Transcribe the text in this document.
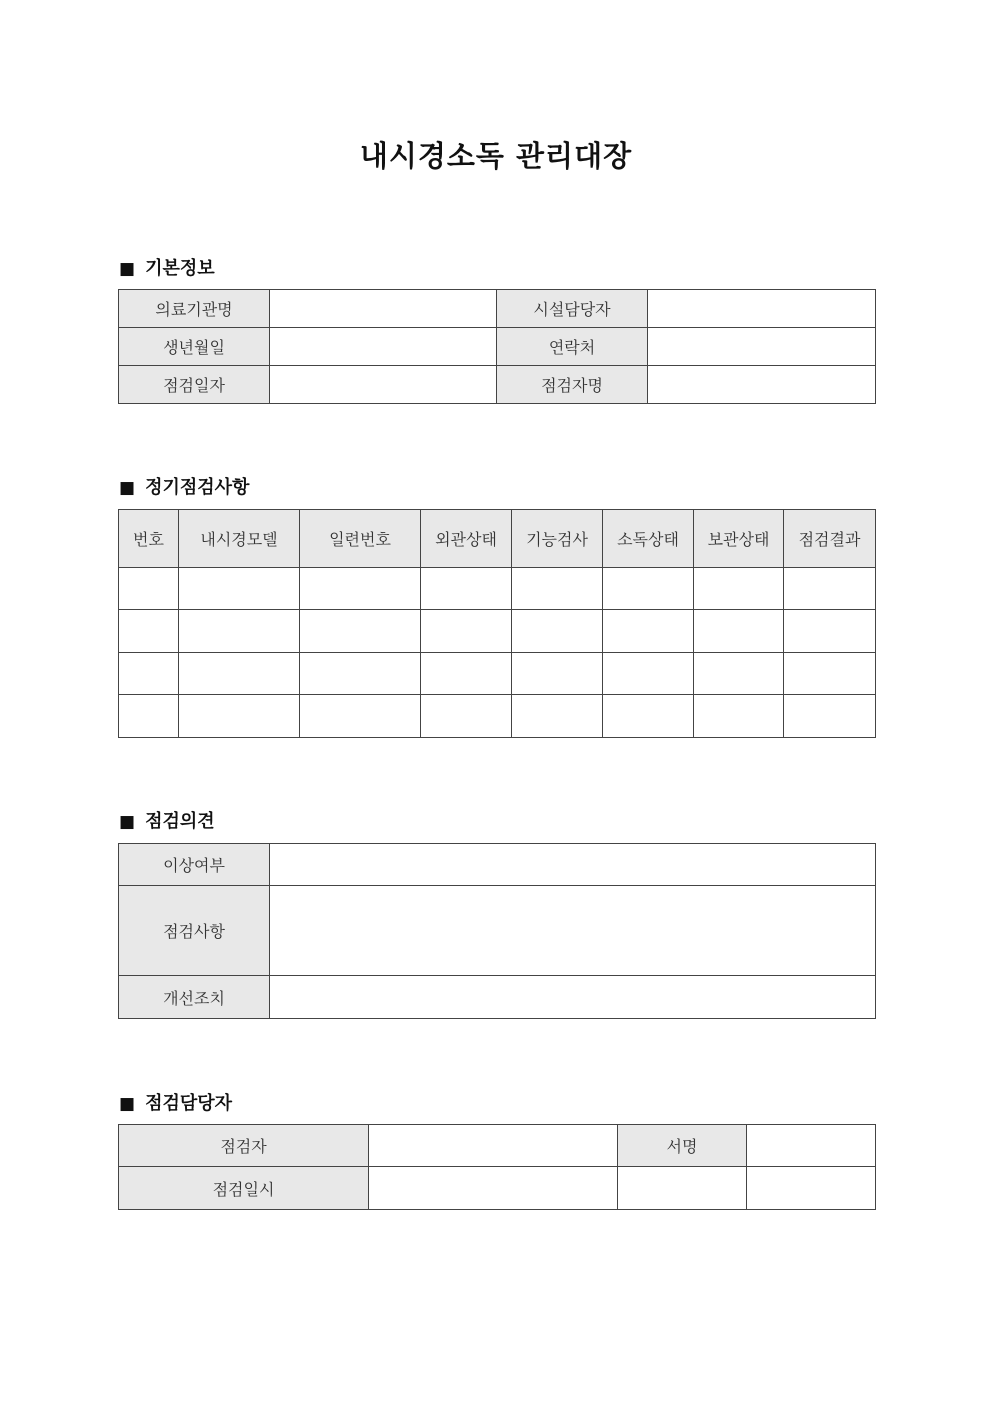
내시경소독 관리대장
■ 기본정보
의료기관명		시설담당자	
생년월일		연락처	
점검일자		점검자명	
■ 정기점검사항
번호	내시경모델	일련번호	외관상태	기능검사	소독상태	보관상태	점검결과

■ 점검의견
이상여부	
점검사항	
개선조치	
■ 점검담당자
점검자		서명	
점검일시			
